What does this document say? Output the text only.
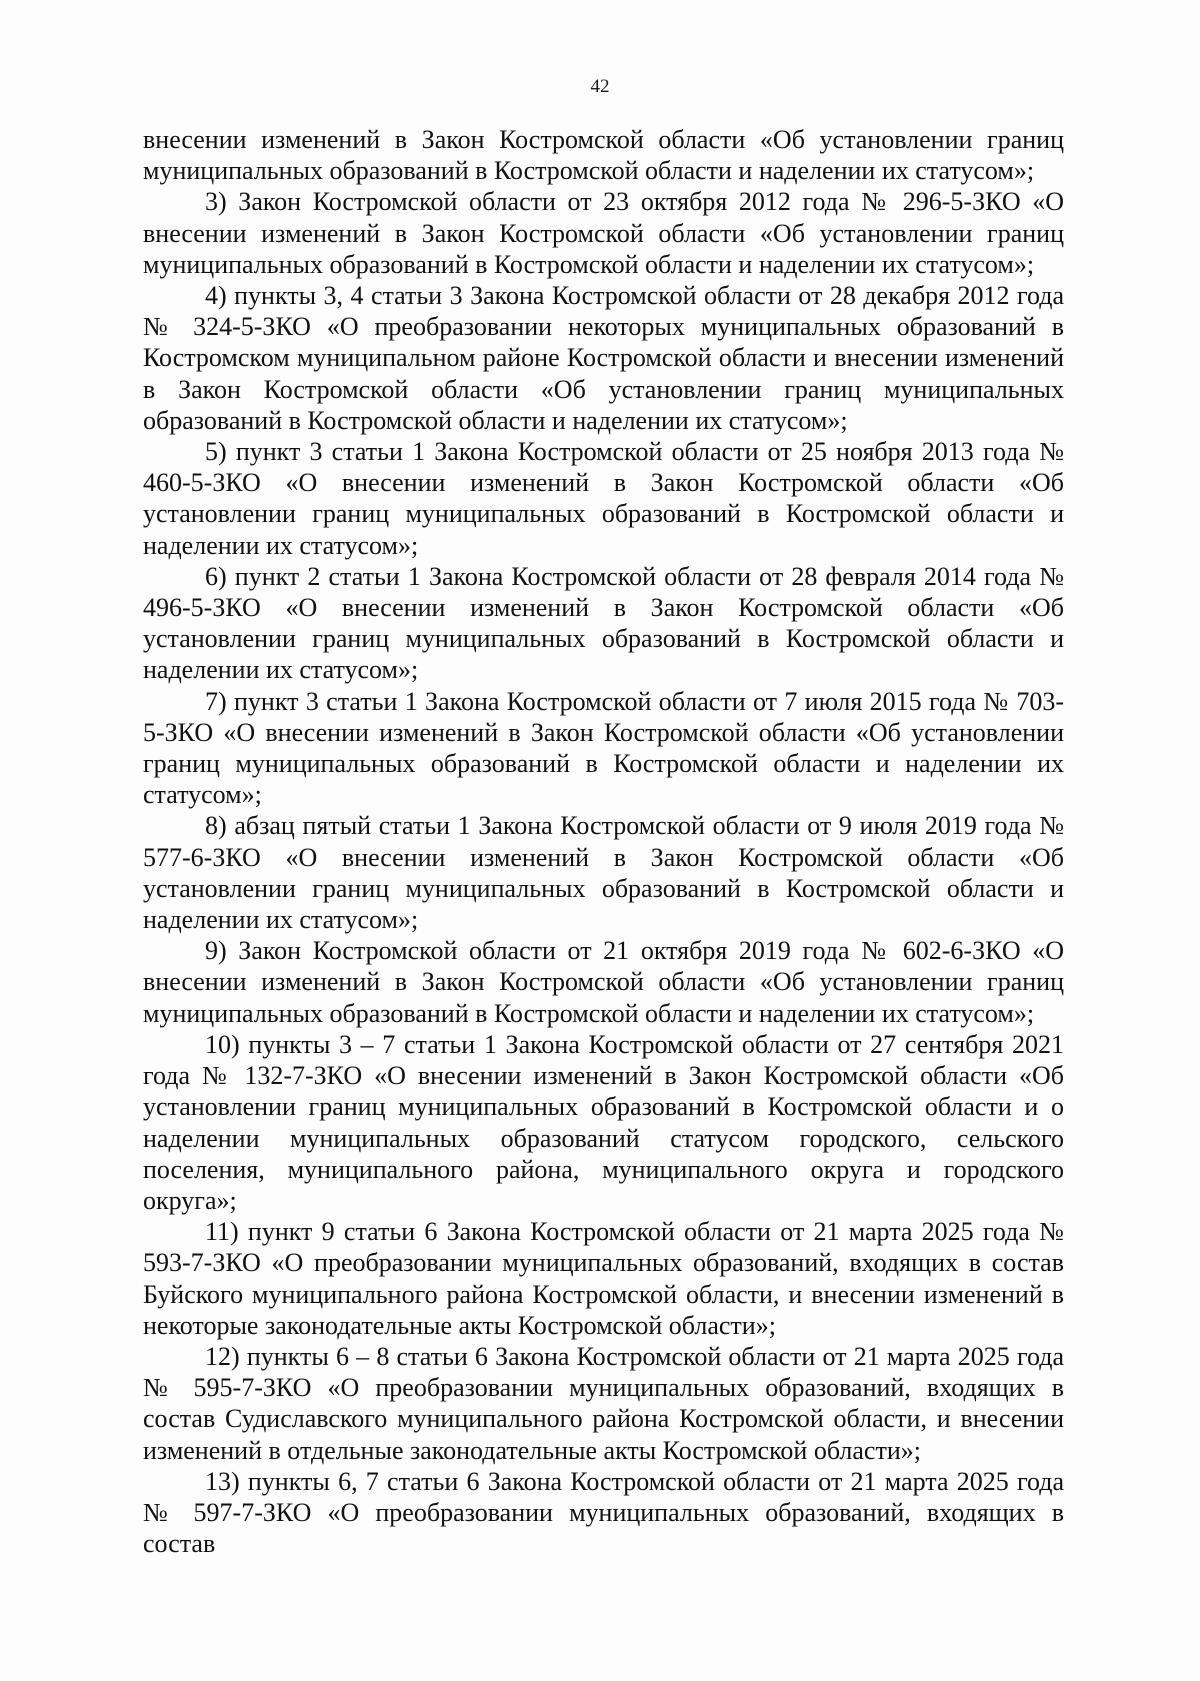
42

внесении изменений в Закон Костромской области «Об установлении границ муниципальных образований в Костромской области и наделении их статусом»;

3) Закон Костромской области от 23 октября 2012 года № 296-5-ЗКО «О внесении изменений в Закон Костромской области «Об установлении границ муниципальных образований в Костромской области и наделении их статусом»;

4) пункты 3, 4 статьи 3 Закона Костромской области от 28 декабря 2012 года № 324-5-ЗКО «О преобразовании некоторых муниципальных образований в Костромском муниципальном районе Костромской области и внесении изменений в Закон Костромской области «Об установлении границ муниципальных образований в Костромской области и наделении их статусом»;

5) пункт 3 статьи 1 Закона Костромской области от 25 ноября 2013 года № 460-5-ЗКО «О внесении изменений в Закон Костромской области «Об установлении границ муниципальных образований в Костромской области и наделении их статусом»;

6) пункт 2 статьи 1 Закона Костромской области от 28 февраля 2014 года № 496-5-ЗКО «О внесении изменений в Закон Костромской области «Об установлении границ муниципальных образований в Костромской области и наделении их статусом»;

7) пункт 3 статьи 1 Закона Костромской области от 7 июля 2015 года № 703-5-ЗКО «О внесении изменений в Закон Костромской области «Об установлении границ муниципальных образований в Костромской области и наделении их статусом»;

8) абзац пятый статьи 1 Закона Костромской области от 9 июля 2019 года № 577-6-ЗКО «О внесении изменений в Закон Костромской области «Об установлении границ муниципальных образований в Костромской области и наделении их статусом»;

9) Закон Костромской области от 21 октября 2019 года № 602-6-ЗКО «О внесении изменений в Закон Костромской области «Об установлении границ муниципальных образований в Костромской области и наделении их статусом»;

10) пункты 3 – 7 статьи 1 Закона Костромской области от 27 сентября 2021 года № 132-7-ЗКО «О внесении изменений в Закон Костромской области «Об установлении границ муниципальных образований в Костромской области и о наделении муниципальных образований статусом городского, сельского поселения, муниципального района, муниципального округа и городского округа»;

11) пункт 9 статьи 6 Закона Костромской области от 21 марта 2025 года № 593-7-ЗКО «О преобразовании муниципальных образований, входящих в состав Буйского муниципального района Костромской области, и внесении изменений в некоторые законодательные акты Костромской области»;

12) пункты 6 – 8 статьи 6 Закона Костромской области от 21 марта 2025 года № 595-7-ЗКО «О преобразовании муниципальных образований, входящих в состав Судиславского муниципального района Костромской области, и внесении изменений в отдельные законодательные акты Костромской области»;

13) пункты 6, 7 статьи 6 Закона Костромской области от 21 марта 2025 года № 597-7-ЗКО «О преобразовании муниципальных образований, входящих в состав
